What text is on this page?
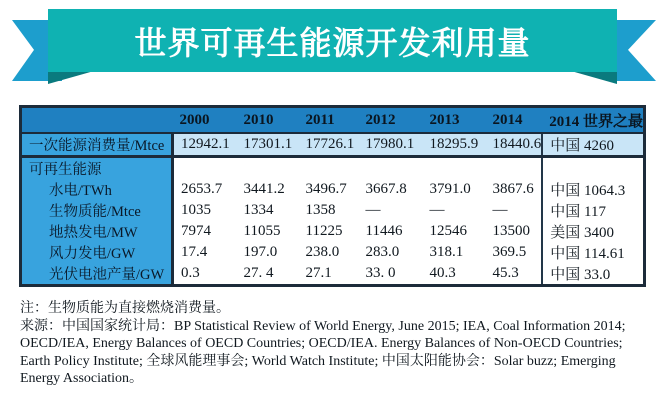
世界可再生能源开发利用量
	2000	2010	2011	2012	2013	2014	2014 世界之最
一次能源消费量/Mtce	12942.1	17301.1	17726.1	17980.1	18295.9	18440.6	中国 4260
可再生能源							
水电/TWh	2653.7	3441.2	3496.7	3667.8	3791.0	3867.6	中国 1064.3
生物质能/Mtce	1035	1334	1358	—	—	—	中国 117
地热发电/MW	7974	11055	11225	11446	12546	13500	美国 3400
风力发电/GW	17.4	197.0	238.0	283.0	318.1	369.5	中国 114.61
光伏电池产量/GW	0.3	27. 4	27.1	33. 0	40.3	45.3	中国 33.0

注：生物质能为直接燃烧消费量。

来源：中国国家统计局：BP Statistical Review of World Energy, June 2015; IEA, Coal Information 2014; OECD/IEA, Energy Balances of OECD Countries; OECD/IEA. Energy Balances of Non-OECD Countries; Earth Policy Institute; 全球风能理事会; World Watch Institute; 中国太阳能协会：Solar buzz; Emerging Energy Association。
